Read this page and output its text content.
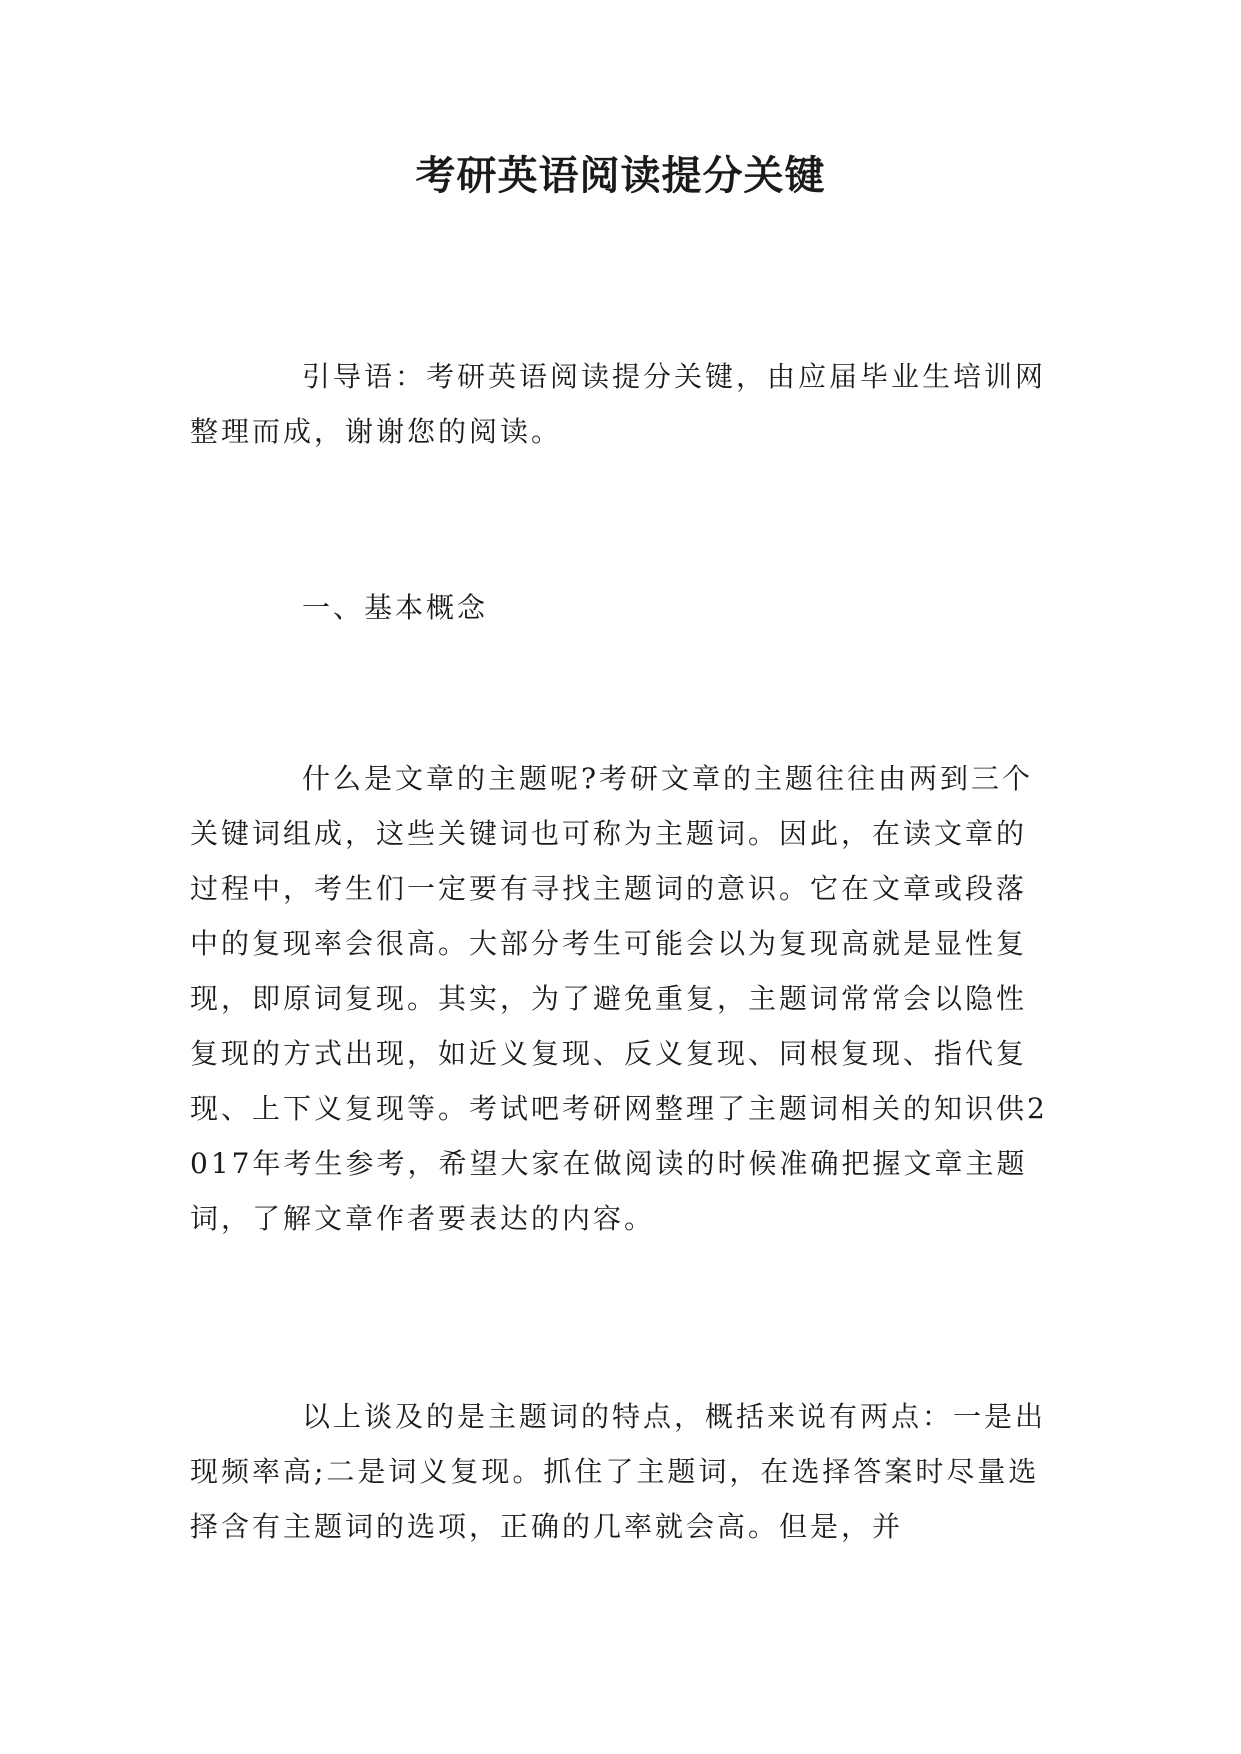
考研英语阅读提分关键

引导语：考研英语阅读提分关键，由应届毕业生培训网整理而成，谢谢您的阅读。

一、基本概念

什么是文章的主题呢?考研文章的主题往往由两到三个关键词组成，这些关键词也可称为主题词。因此，在读文章的过程中，考生们一定要有寻找主题词的意识。它在文章或段落中的复现率会很高。大部分考生可能会以为复现高就是显性复现，即原词复现。其实，为了避免重复，主题词常常会以隐性复现的方式出现，如近义复现、反义复现、同根复现、指代复现、上下义复现等。考试吧考研网整理了主题词相关的知识供2017年考生参考，希望大家在做阅读的时候准确把握文章主题词，了解文章作者要表达的内容。

以上谈及的是主题词的特点，概括来说有两点：一是出现频率高;二是词义复现。抓住了主题词，在选择答案时尽量选择含有主题词的选项，正确的几率就会高。但是，并
